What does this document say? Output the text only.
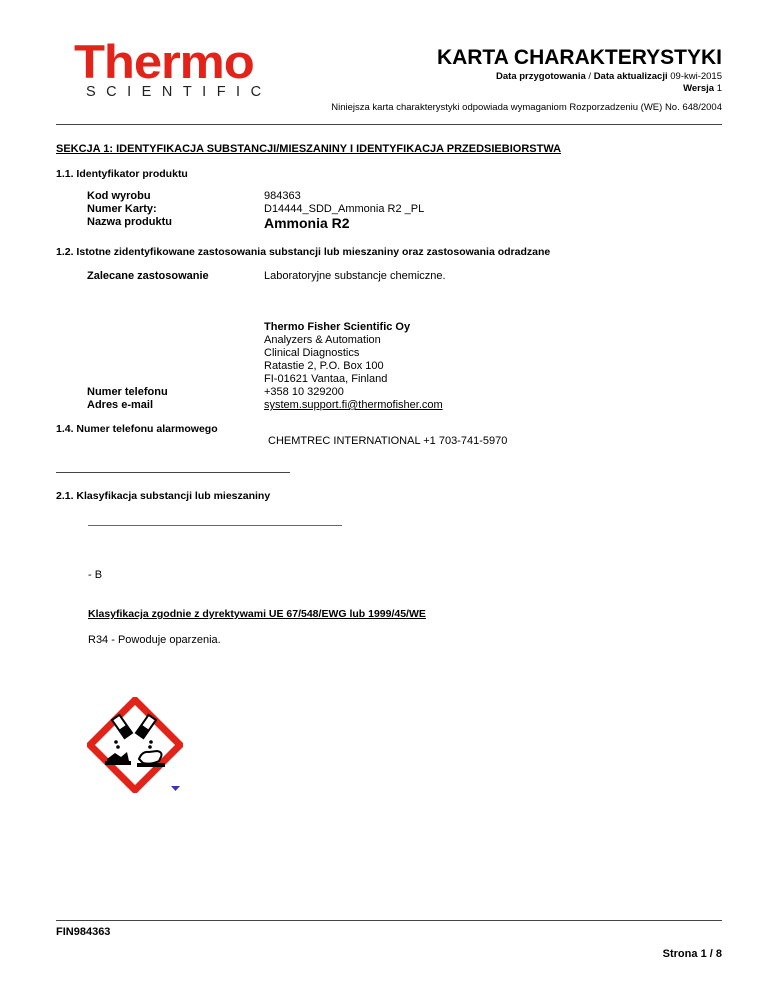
Thermo
SCIENTIFIC
KARTA CHARAKTERYSTYKI
Data przygotowania / Data aktualizacji 09-kwi-2015
Wersja 1
Niniejsza karta charakterystyki odpowiada wymaganiom Rozporzadzeniu (WE) No. 648/2004
SEKCJA 1: IDENTYFIKACJA SUBSTANCJI/MIESZANINY I IDENTYFIKACJA PRZEDSIEBIORSTWA
1.1. Identyfikator produktu
Kod wyrobu
Numer Karty:
Nazwa produktu
984363
D14444_SDD_Ammonia R2 _PL
Ammonia R2
1.2. Istotne zidentyfikowane zastosowania substancji lub mieszaniny oraz zastosowania odradzane
Zalecane zastosowanie	Laboratoryjne substancje chemiczne.
Thermo Fisher Scientific Oy
Analyzers & Automation
Clinical Diagnostics
Ratastie 2, P.O. Box 100
FI-01621 Vantaa, Finland
+358 10 329200
system.support.fi@thermofisher.com
Numer telefonu
Adres e-mail
1.4. Numer telefonu alarmowego
CHEMTREC INTERNATIONAL +1 703-741-5970
2.1. Klasyfikacja substancji lub mieszaniny
- B
Klasyfikacja zgodnie z dyrektywami UE 67/548/EWG lub 1999/45/WE
R34 - Powoduje oparzenia.
FIN984363
Strona 1 / 8
